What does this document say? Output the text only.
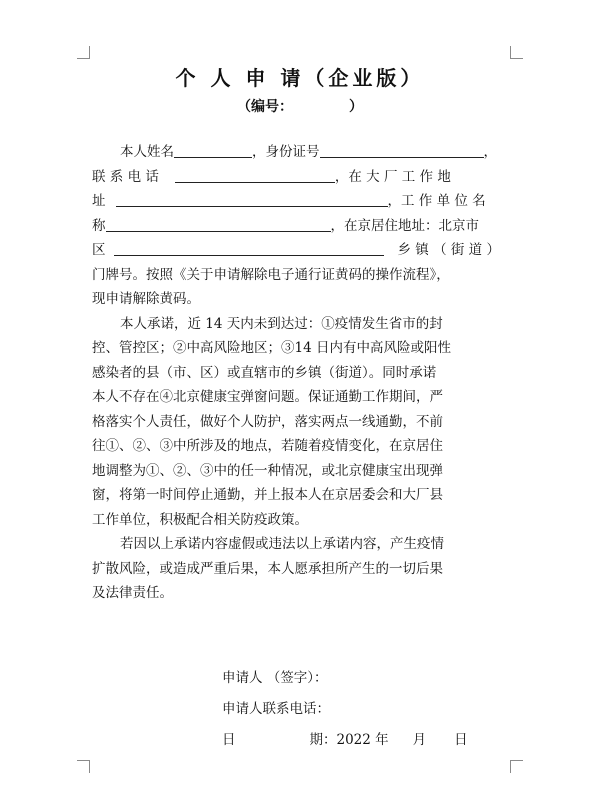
个 人 申 请（企业版）
（编号：	）
本人姓名	，身份证号	，
联 系 电 话	，在 大 厂 工 作 地
址	，工 作 单 位 名
称	，在京居住地址：北京市
区	乡 镇 （ 街 道 ）
门牌号。按照《关于申请解除电子通行证黄码的操作流程》，
现申请解除黄码。
本人承诺，近 14 天内未到达过：①疫情发生省市的封
控、管控区；②中高风险地区；③14 日内有中高风险或阳性
感染者的县（市、区）或直辖市的乡镇（街道）。同时承诺
本人不存在④北京健康宝弹窗问题。保证通勤工作期间，严
格落实个人责任，做好个人防护，落实两点一线通勤，不前
往①、②、③中所涉及的地点，若随着疫情变化，在京居住
地调整为①、②、③中的任一种情况，或北京健康宝出现弹
窗，将第一时间停止通勤，并上报本人在京居委会和大厂县
工作单位，积极配合相关防疫政策。
若因以上承诺内容虚假或违法以上承诺内容，产生疫情
扩散风险，或造成严重后果，本人愿承担所产生的一切后果
及法律责任。
申请人 （签字）：
申请人联系电话：
日	期：2022 年 月 日
